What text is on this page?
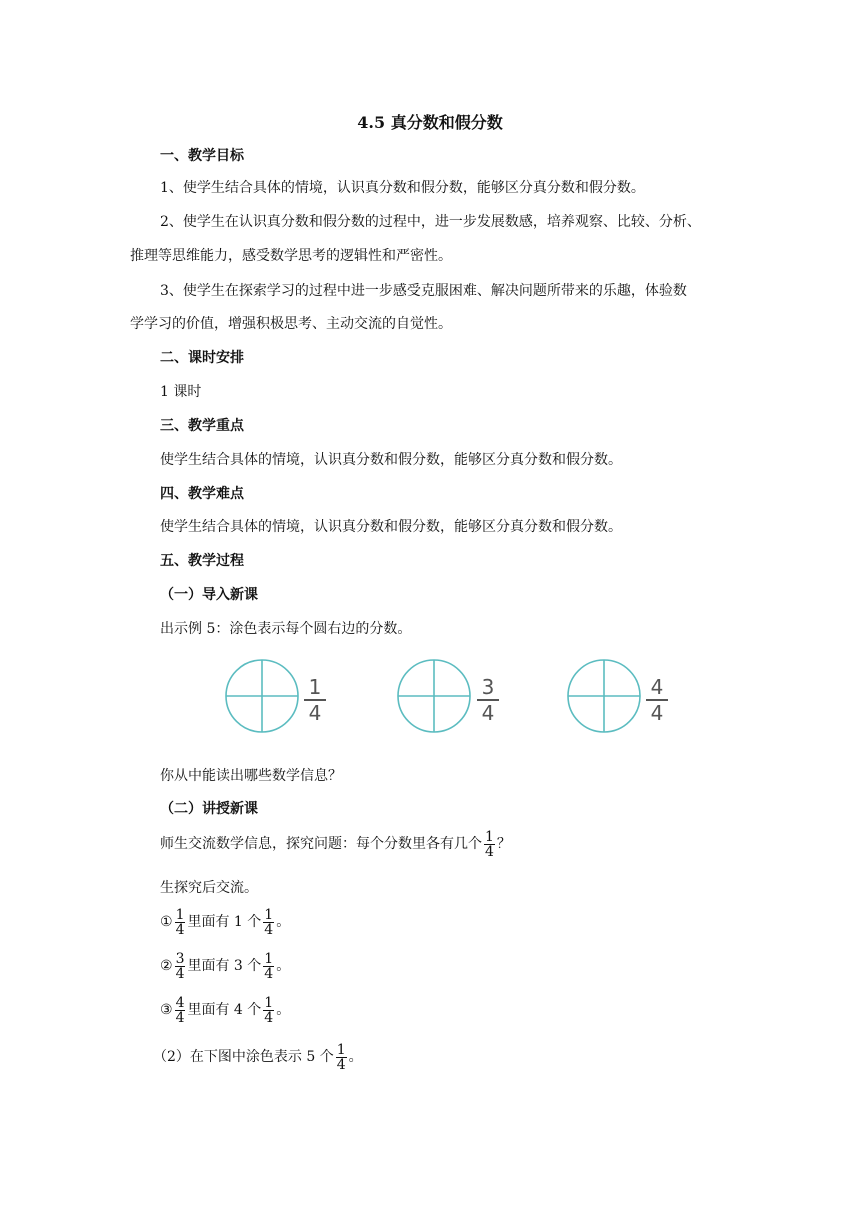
4.5 真分数和假分数
一、教学目标
1、使学生结合具体的情境，认识真分数和假分数，能够区分真分数和假分数。
2、使学生在认识真分数和假分数的过程中，进一步发展数感，培养观察、比较、分析、
推理等思维能力，感受数学思考的逻辑性和严密性。
3、使学生在探索学习的过程中进一步感受克服困难、解决问题所带来的乐趣，体验数
学学习的价值，增强积极思考、主动交流的自觉性。
二、课时安排
1 课时
三、教学重点
使学生结合具体的情境，认识真分数和假分数，能够区分真分数和假分数。
四、教学难点
使学生结合具体的情境，认识真分数和假分数，能够区分真分数和假分数。
五、教学过程
（一）导入新课
出示例 5：涂色表示每个圆右边的分数。
1
4
3
4
4
4
你从中能读出哪些数学信息？
（二）讲授新课
师生交流数学信息，探究问题：每个分数里各有几个 $\frac{1}{4}$ ？
生探究后交流。
① $\frac{1}{4}$ 里面有 1 个 $\frac{1}{4}$ 。
② $\frac{3}{4}$ 里面有 3 个 $\frac{1}{4}$ 。
③ $\frac{4}{4}$ 里面有 4 个 $\frac{1}{4}$ 。
（2）在下图中涂色表示 5 个 $\frac{1}{4}$ 。
